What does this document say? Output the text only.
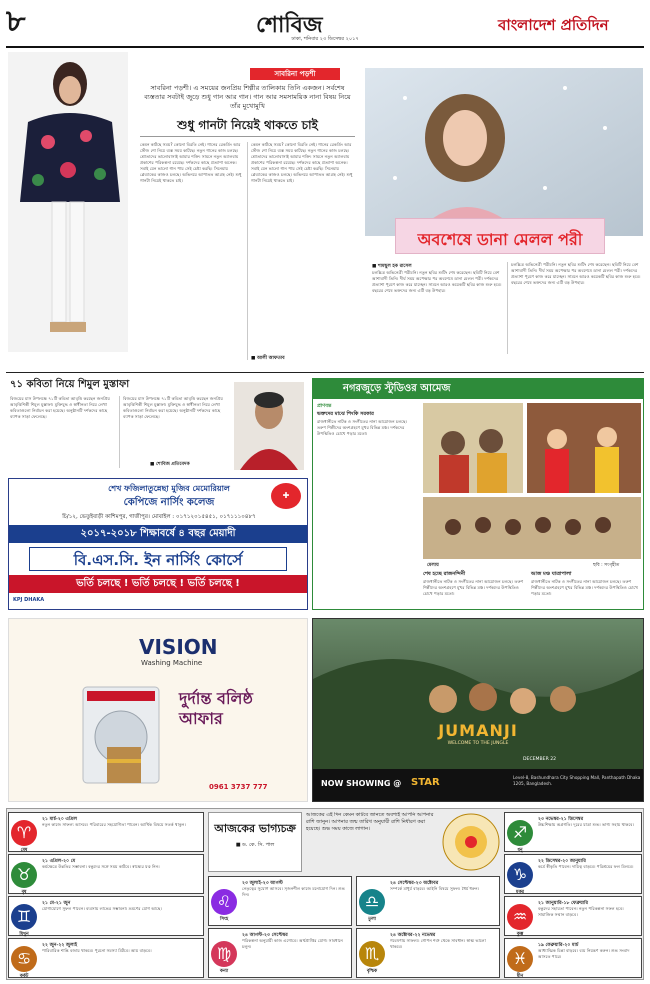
৮	শোবিজ
ঢাকা, শনিবার ২৩ ডিসেম্বর ২০১৭
বাংলাদেশ প্রতিদিন
সাবরিনা পড়শী
সাবরিনা পড়শী। এ সময়ের জনপ্রিয় শিল্পীর তালিকায় তিনি একজন। সর্বশেষ ব্যস্ততার সবটাই জুড়ে শুধু গান আর গান। গান আর সমসাময়িক নানা বিষয় নিয়ে তাঁর মুখোমুখি
শুধু গানটা নিয়েই থাকতে চাই
কেমন কাটছে সময়? কোনো বিরতি নেই। গানের রেকর্ডিং আর স্টেজ শো নিয়ে ব্যস্ত সময় কাটছে। নতুন গানের কাজ চলছে। শ্রোতাদের ভালোবাসাই আমার শক্তি। সামনে নতুন অ্যালবাম প্রকাশের পরিকল্পনা রয়েছে। দর্শকদের কাছে প্রত্যাশা অনেক। সবাই যেন ভালো গান পায় সেই চেষ্টা করছি। সিনেমায় প্লেব্যাকের কাজও চলছে। অভিনয়ে আপাতত আগ্রহ নেই। শুধু গানটা নিয়েই থাকতে চাই।
কেমন কাটছে সময়? কোনো বিরতি নেই। গানের রেকর্ডিং আর স্টেজ শো নিয়ে ব্যস্ত সময় কাটছে। নতুন গানের কাজ চলছে। শ্রোতাদের ভালোবাসাই আমার শক্তি। সামনে নতুন অ্যালবাম প্রকাশের পরিকল্পনা রয়েছে। দর্শকদের কাছে প্রত্যাশা অনেক। সবাই যেন ভালো গান পায় সেই চেষ্টা করছি। সিনেমায় প্লেব্যাকের কাজও চলছে। অভিনয়ে আপাতত আগ্রহ নেই। শুধু গানটা নিয়েই থাকতে চাই।
■ আলী আফতাব
অবশেষে ডানা মেলল পরী
■ শামছুল হক রাসেল
চলচ্চিত্র অভিনেত্রী পরীমনি। নতুন ছবির শুটিং শেষ করেছেন। ছবিটি নিয়ে বেশ আশাবাদী তিনি। দীর্ঘ সময় অপেক্ষার পর অবশেষে ডানা মেলল পরী। দর্শকদের প্রত্যাশা পূরণে কাজ করে যাচ্ছেন। সামনে আরও কয়েকটি ছবির কাজ শুরু হবে। বছরের শেষে ভক্তদের জন্য এটি বড় উপহার।
চলচ্চিত্র অভিনেত্রী পরীমনি। নতুন ছবির শুটিং শেষ করেছেন। ছবিটি নিয়ে বেশ আশাবাদী তিনি। দীর্ঘ সময় অপেক্ষার পর অবশেষে ডানা মেলল পরী। দর্শকদের প্রত্যাশা পূরণে কাজ করে যাচ্ছেন। সামনে আরও কয়েকটি ছবির কাজ শুরু হবে। বছরের শেষে ভক্তদের জন্য এটি বড় উপহার।
৭১ কবিতা নিয়ে শিমুল মুস্তাফা
বিজয়ের মাস উপলক্ষে ৭১টি কবিতা আবৃত্তি করছেন জনপ্রিয় আবৃত্তিশিল্পী শিমুল মুস্তাফা। মুক্তিযুদ্ধ ও স্বাধীনতা নিয়ে লেখা কবিতাগুলো নির্বাচন করা হয়েছে। অনুষ্ঠানটি দর্শকদের কাছে ব্যাপক সাড়া ফেলেছে।
বিজয়ের মাস উপলক্ষে ৭১টি কবিতা আবৃত্তি করছেন জনপ্রিয় আবৃত্তিশিল্পী শিমুল মুস্তাফা। মুক্তিযুদ্ধ ও স্বাধীনতা নিয়ে লেখা কবিতাগুলো নির্বাচন করা হয়েছে। অনুষ্ঠানটি দর্শকদের কাছে ব্যাপক সাড়া ফেলেছে।
■ শোবিজ প্রতিবেদক
শেখ ফজিলাতুন্নেছা মুজিব মেমোরিয়াল
কেপিজে নার্সিং কলেজ
✚
চি/১২, ভেতুইবাড়ী কাশিমপুর, গাজীপুর। মোবাইল : ০১৭১২০১৫৪৫১, ০১৭১১১০৪৮৭
২০১৭-২০১৮ শিক্ষাবর্ষে ৪ বছর মেয়াদী
বি.এস.সি. ইন নার্সিং কোর্সে
ভর্তি চলছে ! ভর্তি চলছে ! ভর্তি চলছে !
KPJ DHAKA
নগরজুড়ে স্টুডিওর আমেজ
প্রাণবন্ত
ভক্তদের মাঝে পিংকি সরকার
রাজধানীতে নাটক ও সংগীতের নানা আয়োজন চলছে। তরুণ শিল্পীদের অংশগ্রহণে মুখর বিভিন্ন মঞ্চ। দর্শকদের উপস্থিতিও চোখে পড়ার মতো।
মেলায়	ছবি : সংগৃহীত
শেষ হচ্ছে রাজনন্দিনী
রাজধানীতে নাটক ও সংগীতের নানা আয়োজন চলছে। তরুণ শিল্পীদের অংশগ্রহণে মুখর বিভিন্ন মঞ্চ। দর্শকদের উপস্থিতিও চোখে পড়ার মতো।
আজ মঞ্চ যাত্রাপালা
রাজধানীতে নাটক ও সংগীতের নানা আয়োজন চলছে। তরুণ শিল্পীদের অংশগ্রহণে মুখর বিভিন্ন মঞ্চ। দর্শকদের উপস্থিতিও চোখে পড়ার মতো।
VISION
Washing Machine
দুর্দান্ত বলিষ্ঠ আফার
0961 3737 777
JUMANJI
WELCOME TO THE JUNGLE
DECEMBER 22
NOW SHOWING @ STAR	Level-8, Bashundhara City Shopping Mall, Panthapath Dhaka 1205, Bangladesh.
আজকের ভাগ্যচক্র
■ ড. কে. সি. পাল
আজকের এই দিন কেমন কাটবে জানতে অবশ্যই আপনি আপনার রাশি জানুন। আপনার জন্ম তারিখ অনুযায়ী রাশি নির্ধারণ করা হয়েছে। শুভ সময় কাজে লাগান।
♈
মেষ
২১ মার্চ-২০ এপ্রিল
নতুন কাজে সাফল্য আসবে। পরিবারের সহযোগিতা পাবেন। আর্থিক বিষয়ে সতর্ক থাকুন।
♉
বৃষ
২১ এপ্রিল-২০ মে
কর্মক্ষেত্রে উন্নতির সম্ভাবনা। বন্ধুদের সঙ্গে সময় কাটবে। স্বাস্থ্যের যত্ন নিন।
♊
মিথুন
২১ মে-২১ জুন
যোগাযোগে সুফল পাবেন। ব্যবসায় লাভের সম্ভাবনা। ভ্রমণের যোগ আছে।
♋
কর্কট
২২ জুন-২২ জুলাই
পারিবারিক শান্তি বজায় থাকবে। পুরনো সমস্যা মিটবে। আয় বাড়বে।
♌
সিংহ
২৩ জুলাই-২৩ আগস্ট
নেতৃত্বের সুযোগ আসবে। সৃজনশীল কাজে মনোযোগ দিন। শুভ দিন।
♍
কন্যা
২৪ আগস্ট-২৩ সেপ্টেম্বর
পরিকল্পনা অনুযায়ী কাজ এগোবে। অর্থপ্রাপ্তির যোগ। সাবধানে চলুন।
♎
তুলা
২৪ সেপ্টেম্বর-২৩ অক্টোবর
সম্পর্কে মাধুর্য বাড়বে। আইনি বিষয়ে সুফল। ধৈর্য ধরুন।
♏
বৃশ্চিক
২৪ অক্টোবর-২২ নভেম্বর
গবেষণায় সাফল্য। গোপন শত্রু থেকে সাবধান। স্বাস্থ্য ভালো থাকবে।
♐
ধনু
২৩ নভেম্বর-২১ ডিসেম্বর
উচ্চশিক্ষায় অগ্রগতি। দূরের যাত্রা শুভ। ভাগ্য সহায় থাকবে।
♑
মকর
২২ ডিসেম্বর-২০ জানুয়ারি
কর্মে স্বীকৃতি পাবেন। দায়িত্ব বাড়বে। পরিশ্রমের ফল মিলবে।
♒
কুম্ভ
২১ জানুয়ারি-১৮ ফেব্রুয়ারি
বন্ধুদের সহায়তা পাবেন। নতুন পরিকল্পনা সফল হবে। সামাজিক সম্মান বাড়বে।
♓
মীন
১৯ ফেব্রুয়ারি-২০ মার্চ
আধ্যাত্মিক চিন্তা বাড়বে। ব্যয় নিয়ন্ত্রণ করুন। শুভ সংবাদ আসতে পারে।
